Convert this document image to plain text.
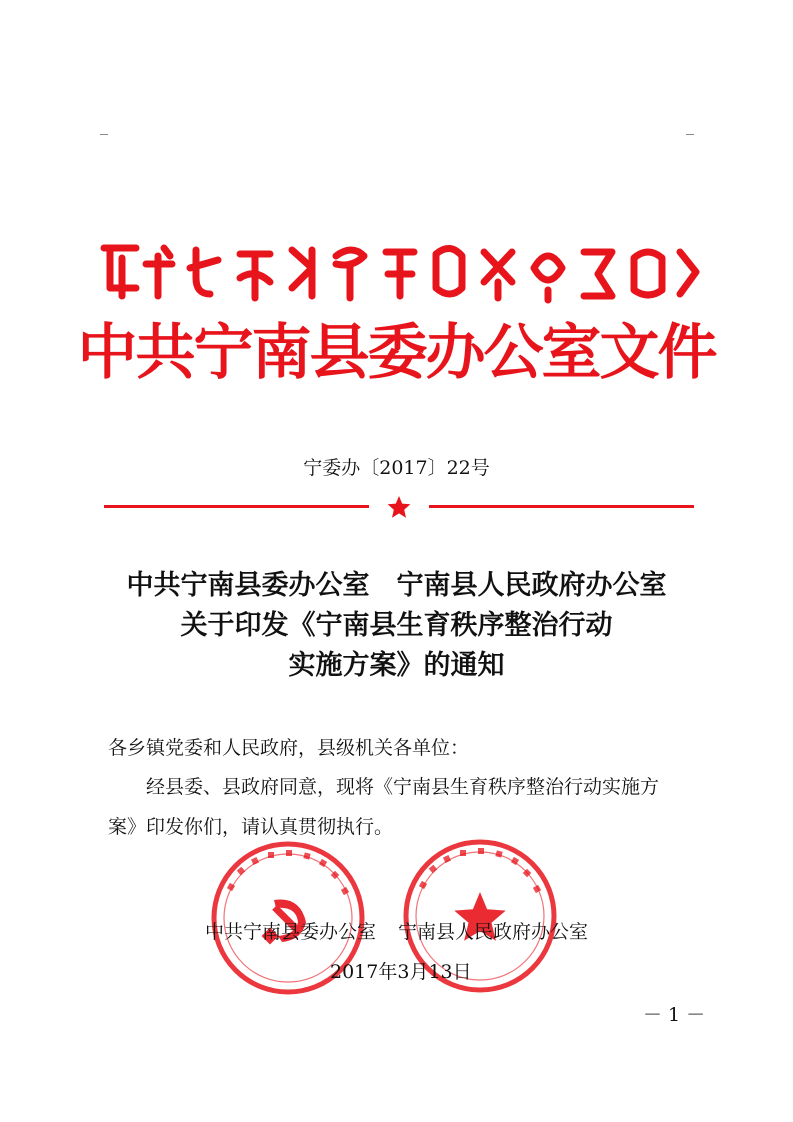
中共宁南县委办公室文件
宁委办〔2017〕22号
中共宁南县委办公室　宁南县人民政府办公室
关于印发《宁南县生育秩序整治行动
实施方案》的通知
各乡镇党委和人民政府，县级机关各单位：
经县委、县政府同意，现将《宁南县生育秩序整治行动实施方
案》印发你们，请认真贯彻执行。
中共宁南县委办公室 宁南县人民政府办公室
2017年3月13日
－ 1 －
